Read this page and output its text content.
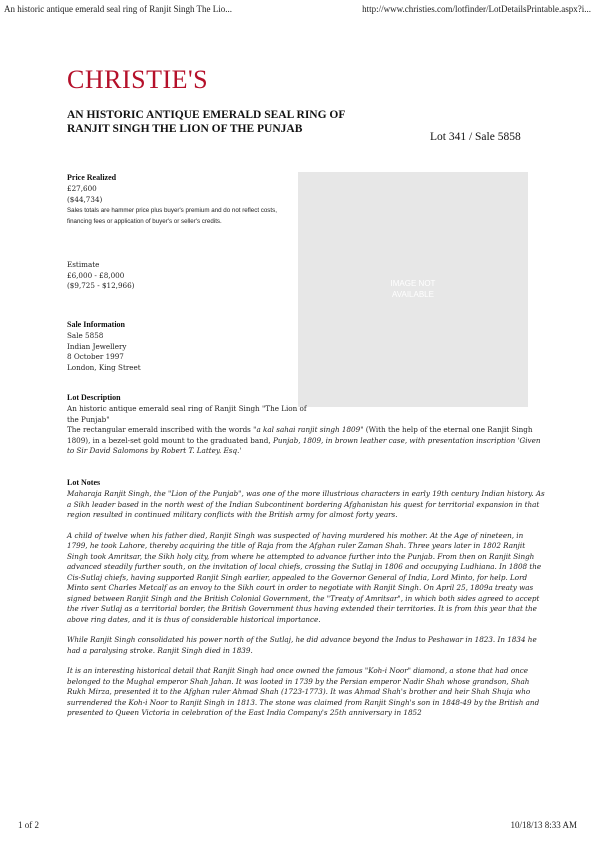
An historic antique emerald seal ring of Ranjit Singh The Lio...	http://www.christies.com/lotfinder/LotDetailsPrintable.aspx?i...
CHRISTIE'S
AN HISTORIC ANTIQUE EMERALD SEAL RING OF RANJIT SINGH THE LION OF THE PUNJAB
Lot 341 / Sale 5858
Price Realized
£27,600
($44,734)
Sales totals are hammer price plus buyer's premium and do not reflect costs, financing fees or application of buyer's or seller's credits.
Estimate
£6,000 - £8,000
($9,725 - $12,966)	IMAGE NOT
AVAILABLE
Sale Information
Sale 5858
Indian Jewellery
8 October 1997
London, King Street
Lot Description
An historic antique emerald seal ring of Ranjit Singh "The Lion of the Punjab"
The rectangular emerald inscribed with the words "a kal sahai ranjit singh 1809" (With the help of the eternal one Ranjit Singh 1809), in a bezel-set gold mount to the graduated band, Punjab, 1809, in brown leather case, with presentation inscription 'Given to Sir David Salomons by Robert T. Lattey. Esq.'
Lot Notes

Maharaja Ranjit Singh, the "Lion of the Punjab", was one of the more illustrious characters in early 19th century Indian history. As a Sikh leader based in the north west of the Indian Subcontinent bordering Afghanistan his quest for territorial expansion in that region resulted in continued military conflicts with the British army for almost forty years.

A child of twelve when his father died, Ranjit Singh was suspected of having murdered his mother. At the Age of nineteen, in 1799, he took Lahore, thereby acquiring the title of Raja from the Afghan ruler Zaman Shah. Three years later in 1802 Ranjit Singh took Amritsar, the Sikh holy city, from where he attempted to advance further into the Punjab. From then on Ranjit Singh advanced steadily further south, on the invitation of local chiefs, crossing the Sutlaj in 1806 and occupying Ludhiana. In 1808 the Cis-Sutlaj chiefs, having supported Ranjit Singh earlier, appealed to the Governor General of India, Lord Minto, for help. Lord Minto sent Charles Metcalf as an envoy to the Sikh court in order to negotiate with Ranjit Singh. On April 25, 1809a treaty was signed between Ranjit Singh and the British Colonial Government, the "Treaty of Amritsar", in which both sides agreed to accept the river Sutlaj as a territorial border, the British Government thus having extended their territories. It is from this year that the above ring dates, and it is thus of considerable historical importance.

While Ranjit Singh consolidated his power north of the Sutlaj, he did advance beyond the Indus to Peshawar in 1823. In 1834 he had a paralysing stroke. Ranjit Singh died in 1839.

It is an interesting historical detail that Ranjit Singh had once owned the famous "Koh-i Noor" diamond, a stone that had once belonged to the Mughal emperor Shah Jahan. It was looted in 1739 by the Persian emperor Nadir Shah whose grandson, Shah Rukh Mirza, presented it to the Afghan ruler Ahmad Shah (1723-1773). It was Ahmad Shah's brother and heir Shah Shuja who surrendered the Koh-i Noor to Ranjit Singh in 1813. The stone was claimed from Ranjit Singh's son in 1848-49 by the British and presented to Queen Victoria in celebration of the East India Company's 25th anniversary in 1852

1 of 2	10/18/13 8:33 AM
